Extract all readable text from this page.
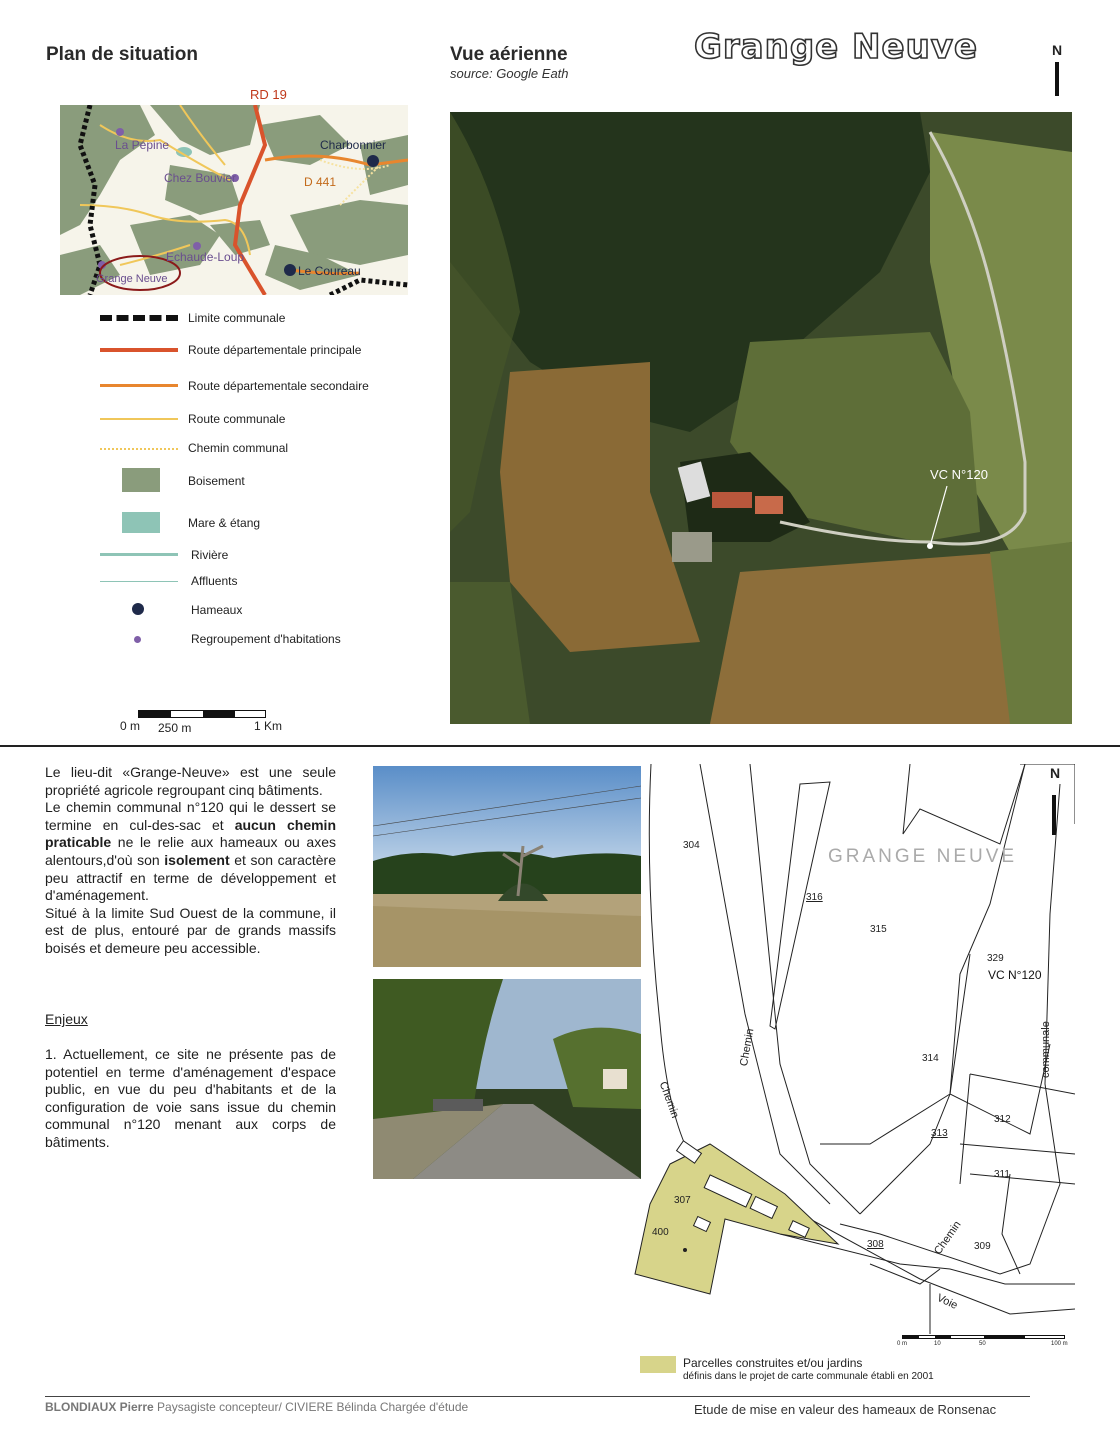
Plan de situation	Vue aérienne
source: Google Eath
Grange Neuve	N
RD 19
D 441
La Pépine	Charbonnier
Chez Bouvier
Echaude-Loup
Grange Neuve
Le Coureau
Limite communale
Route départementale principale
Route départementale secondaire
Route communale
Chemin communal
Boisement
Mare & étang
Rivière
Affluents
Hameaux
Regroupement d'habitations
0 m 250 m	1 Km
VC N°120
Le lieu-dit «Grange-Neuve» est une seule propriété agricole regroupant cinq bâtiments.
Le chemin communal n°120 qui le dessert se termine en cul-des-sac et aucun chemin praticable ne le relie aux hameaux ou axes alentours,d'où son isolement et son caractère peu attractif en terme de développement et d'aménagement.
Situé à la limite Sud Ouest de la commune, il est de plus, entouré par de grands massifs boisés et demeure peu accessible.
Enjeux
1. Actuellement, ce site ne présente pas de potentiel en terme d'aménagement d'espace public, en vue du peu d'habitants et de la configuration de voie sans issue du chemin communal n°120 menant aux corps de bâtiments.
GRANGE NEUVE
VC N°120
N
304
316
315
329
314
312
313
311
309
308
307
400
Chemin
Chemin
Chemin
communale
Voie
0 m	10	50	100 m
Parcelles construites et/ou jardins
définis dans le projet de carte communale établi en 2001
BLONDIAUX Pierre Paysagiste concepteur/ CIVIERE Bélinda Chargée d'étude	Etude de mise en valeur des hameaux de Ronsenac
